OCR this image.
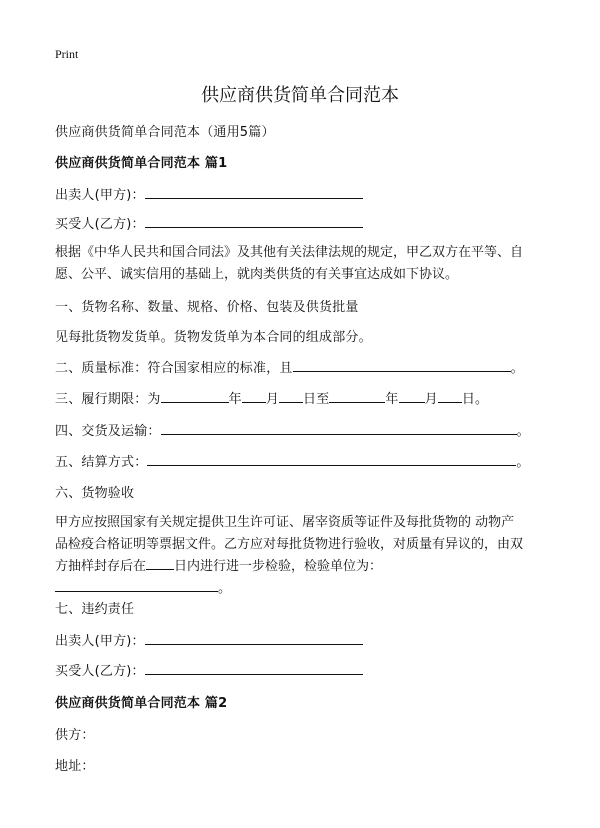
Print
供应商供货简单合同范本
供应商供货简单合同范本（通用5篇）
供应商供货简单合同范本 篇1
出卖人(甲方)：
买受人(乙方)：
根据《中华人民共和国合同法》及其他有关法律法规的规定，甲乙双方在平等、自
愿、公平、诚实信用的基础上，就肉类供货的有关事宜达成如下协议。
一、货物名称、数量、规格、价格、包装及供货批量
见每批货物发货单。货物发货单为本合同的组成部分。
二、质量标准：符合国家相应的标准，且	。
三、履行期限：为	年 月 日至	年 月 日。
四、交货及运输：	。
五、结算方式：	。
六、货物验收
甲方应按照国家有关规定提供卫生许可证、屠宰资质等证件及每批货物的 动物产
品检疫合格证明等票据文件。乙方应对每批货物进行验收，对质量有异议的，由双
方抽样封存后在 日内进行进一步检验，检验单位为：
。
七、违约责任
出卖人(甲方)：
买受人(乙方)：
供应商供货简单合同范本 篇2
供方：
地址：
